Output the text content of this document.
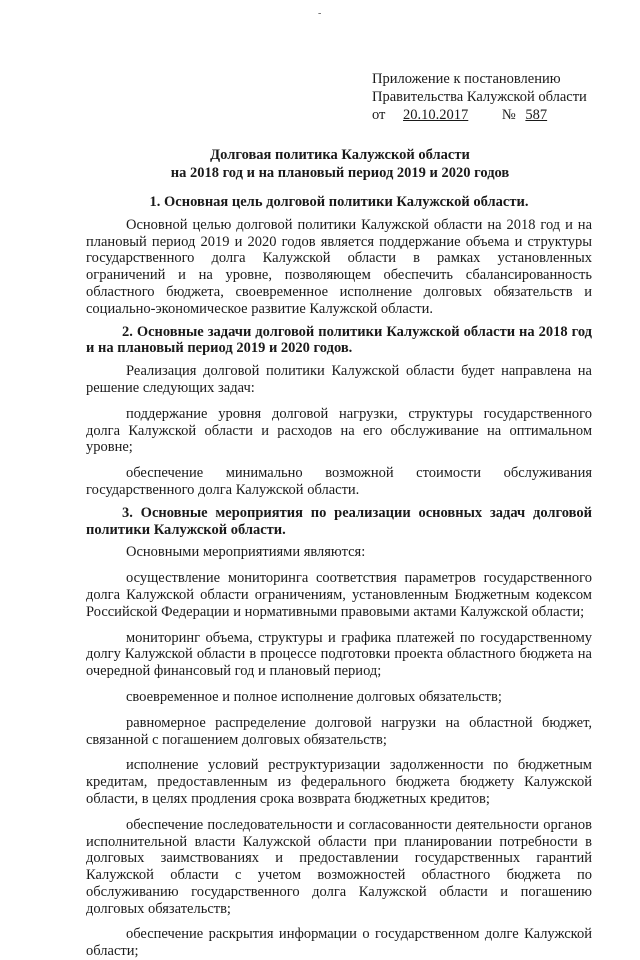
-
Приложение к постановлению
Правительства Калужской области
от 20.10.2017 № 587
Долговая политика Калужской области
на 2018 год и на плановый период 2019 и 2020 годов
1. Основная цель долговой политики Калужской области.

Основной целью долговой политики Калужской области на 2018 год и на плановый период 2019 и 2020 годов является поддержание объема и структуры государственного долга Калужской области в рамках установленных ограничений и на уровне, позволяющем обеспечить сбалансированность областного бюджета, своевременное исполнение долговых обязательств и социально-экономическое развитие Калужской области.

2. Основные задачи долговой политики Калужской области на 2018 год и на плановый период 2019 и 2020 годов.

Реализация долговой политики Калужской области будет направлена на решение следующих задач:

поддержание уровня долговой нагрузки, структуры государственного долга Калужской области и расходов на его обслуживание на оптимальном уровне;

обеспечение минимально возможной стоимости обслуживания государственного долга Калужской области.

3. Основные мероприятия по реализации основных задач долговой политики Калужской области.

Основными мероприятиями являются:

осуществление мониторинга соответствия параметров государственного долга Калужской области ограничениям, установленным Бюджетным кодексом Российской Федерации и нормативными правовыми актами Калужской области;

мониторинг объема, структуры и графика платежей по государственному долгу Калужской области в процессе подготовки проекта областного бюджета на очередной финансовый год и плановый период;

своевременное и полное исполнение долговых обязательств;

равномерное распределение долговой нагрузки на областной бюджет, связанной с погашением долговых обязательств;

исполнение условий реструктуризации задолженности по бюджетным кредитам, предоставленным из федерального бюджета бюджету Калужской области, в целях продления срока возврата бюджетных кредитов;

обеспечение последовательности и согласованности деятельности органов исполнительной власти Калужской области при планировании потребности в долговых заимствованиях и предоставлении государственных гарантий Калужской области с учетом возможностей областного бюджета по обслуживанию государственного долга Калужской области и погашению долговых обязательств;

обеспечение раскрытия информации о государственном долге Калужской области;
